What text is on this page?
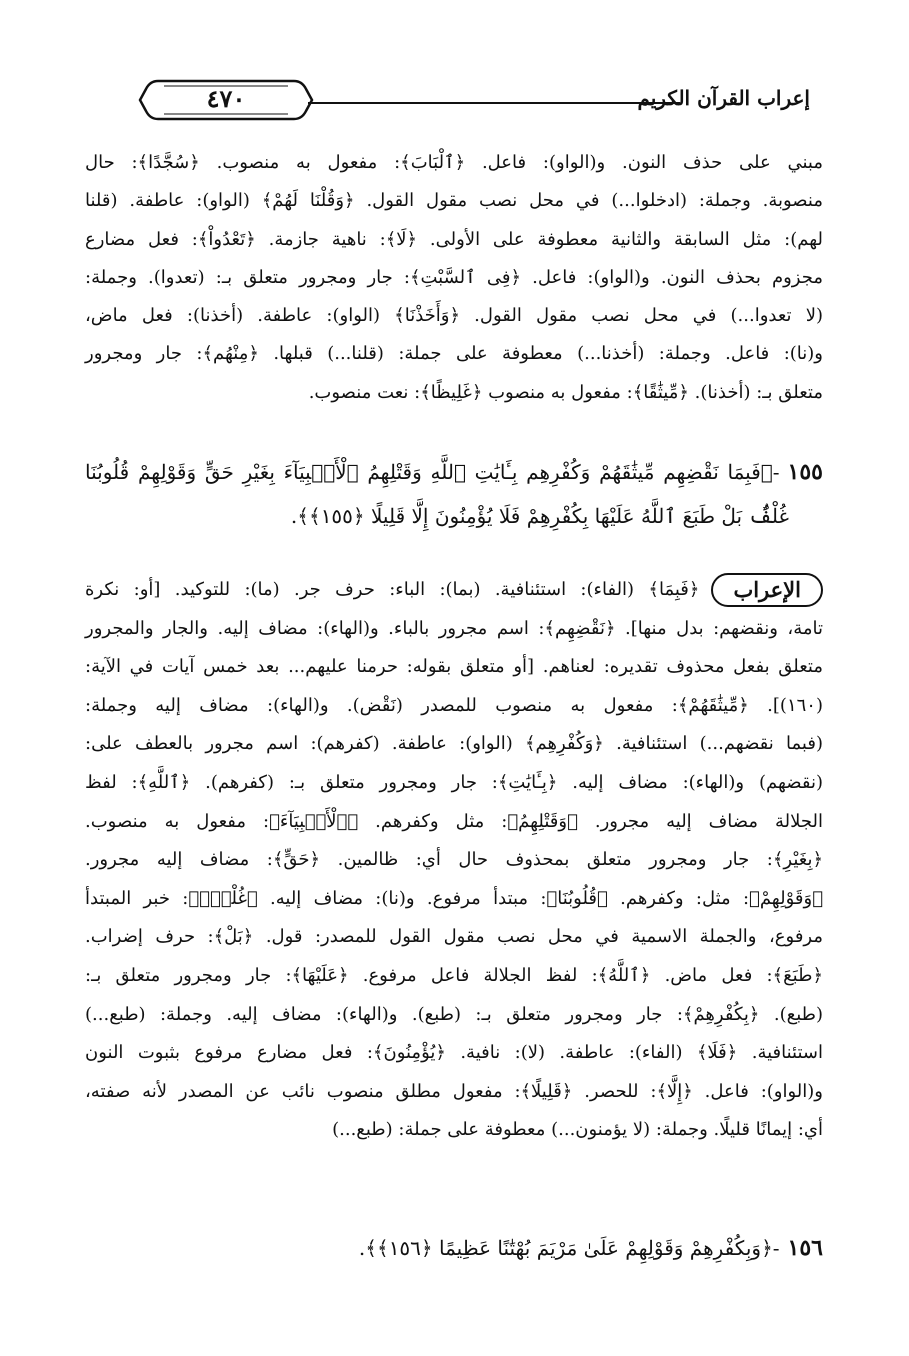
٤٧٠	إعراب القرآن الكريم

مبني على حذف النون. و(الواو): فاعل. ﴿ٱلْبَابَ﴾: مفعول به منصوب. ﴿سُجَّدًا﴾: حال
منصوبة. وجملة: (ادخلوا...) في محل نصب مقول القول. ﴿وَقُلْنَا لَهُمْ﴾ (الواو): عاطفة. (قلنا
لهم): مثل السابقة والثانية معطوفة على الأولى. ﴿لَا﴾: ناهية جازمة. ﴿تَعْدُواْ﴾: فعل مضارع
مجزوم بحذف النون. و(الواو): فاعل. ﴿فِى ٱلسَّبْتِ﴾: جار ومجرور متعلق بـ: (تعدوا). وجملة:
(لا تعدوا...) في محل نصب مقول القول. ﴿وَأَخَذْنَا﴾ (الواو): عاطفة. (أخذنا): فعل ماض،
و(نا): فاعل. وجملة: (أخذنا...) معطوفة على جملة: (قلنا...) قبلها. ﴿مِنْهُم﴾: جار ومجرور
متعلق بـ: (أخذنا). ﴿مِّيثَٰقًا﴾: مفعول به منصوب ﴿غَلِيظًا﴾: نعت منصوب.

١٥٥-﴿فَبِمَا نَقْضِهِم مِّيثَٰقَهُمْ وَكُفْرِهِم بِـَٔايَٰتِ ٱللَّهِ وَقَتْلِهِمُ ٱلْأَنۢبِيَآءَ بِغَيْرِ حَقٍّ وَقَوْلِهِمْ قُلُوبُنَا
غُلْفٌۢ بَلْ طَبَعَ ٱللَّهُ عَلَيْهَا بِكُفْرِهِمْ فَلَا يُؤْمِنُونَ إِلَّا قَلِيلًا ﴿١٥٥﴾﴾.

الإعراب
﴿فَبِمَا﴾ (الفاء): استئنافية. (بما): الباء: حرف جر. (ما): للتوكيد. [أو: نكرة
تامة، ونقضهم: بدل منها]. ﴿نَقْضِهِم﴾: اسم مجرور بالباء. و(الهاء): مضاف إليه. والجار والمجرور
متعلق بفعل محذوف تقديره: لعناهم. [أو متعلق بقوله: حرمنا عليهم... بعد خمس آيات في الآية:
(١٦٠)]. ﴿مِّيثَٰقَهُمْ﴾: مفعول به منصوب للمصدر (نَقْض). و(الهاء): مضاف إليه وجملة:
(فبما نقضهم...) استئنافية. ﴿وَكُفْرِهِم﴾ (الواو): عاطفة. (كفرهم): اسم مجرور بالعطف على:
(نقضهم) و(الهاء): مضاف إليه. ﴿بِـَٔايَٰتِ﴾: جار ومجرور متعلق بـ: (كفرهم). ﴿ٱللَّهِ﴾: لفظ
الجلالة مضاف إليه مجرور. ﴿وَقَتْلِهِمُ﴾: مثل وكفرهم. ﴿ٱلْأَنۢبِيَآءَ﴾: مفعول به منصوب.
﴿بِغَيْرِ﴾: جار ومجرور متعلق بمحذوف حال أي: ظالمين. ﴿حَقٍّ﴾: مضاف إليه مجرور.
﴿وَقَوْلِهِمْ﴾: مثل: وكفرهم. ﴿قُلُوبُنَا﴾: مبتدأ مرفوع. و(نا): مضاف إليه. ﴿غُلْفٌۢ﴾: خبر المبتدأ
مرفوع، والجملة الاسمية في محل نصب مقول القول للمصدر: قول. ﴿بَلْ﴾: حرف إضراب.
﴿طَبَعَ﴾: فعل ماض. ﴿ٱللَّهُ﴾: لفظ الجلالة فاعل مرفوع. ﴿عَلَيْهَا﴾: جار ومجرور متعلق بـ:
(طبع). ﴿بِكُفْرِهِمْ﴾: جار ومجرور متعلق بـ: (طبع). و(الهاء): مضاف إليه. وجملة: (طبع...)
استئنافية. ﴿فَلَا﴾ (الفاء): عاطفة. (لا): نافية. ﴿يُؤْمِنُونَ﴾: فعل مضارع مرفوع بثبوت النون
و(الواو): فاعل. ﴿إِلَّا﴾: للحصر. ﴿قَلِيلًا﴾: مفعول مطلق منصوب نائب عن المصدر لأنه صفته،
أي: إيمانًا قليلًا. وجملة: (لا يؤمنون...) معطوفة على جملة: (طبع...)

١٥٦-﴿وَبِكُفْرِهِمْ وَقَوْلِهِمْ عَلَىٰ مَرْيَمَ بُهْتَٰنًا عَظِيمًا ﴿١٥٦﴾﴾.
